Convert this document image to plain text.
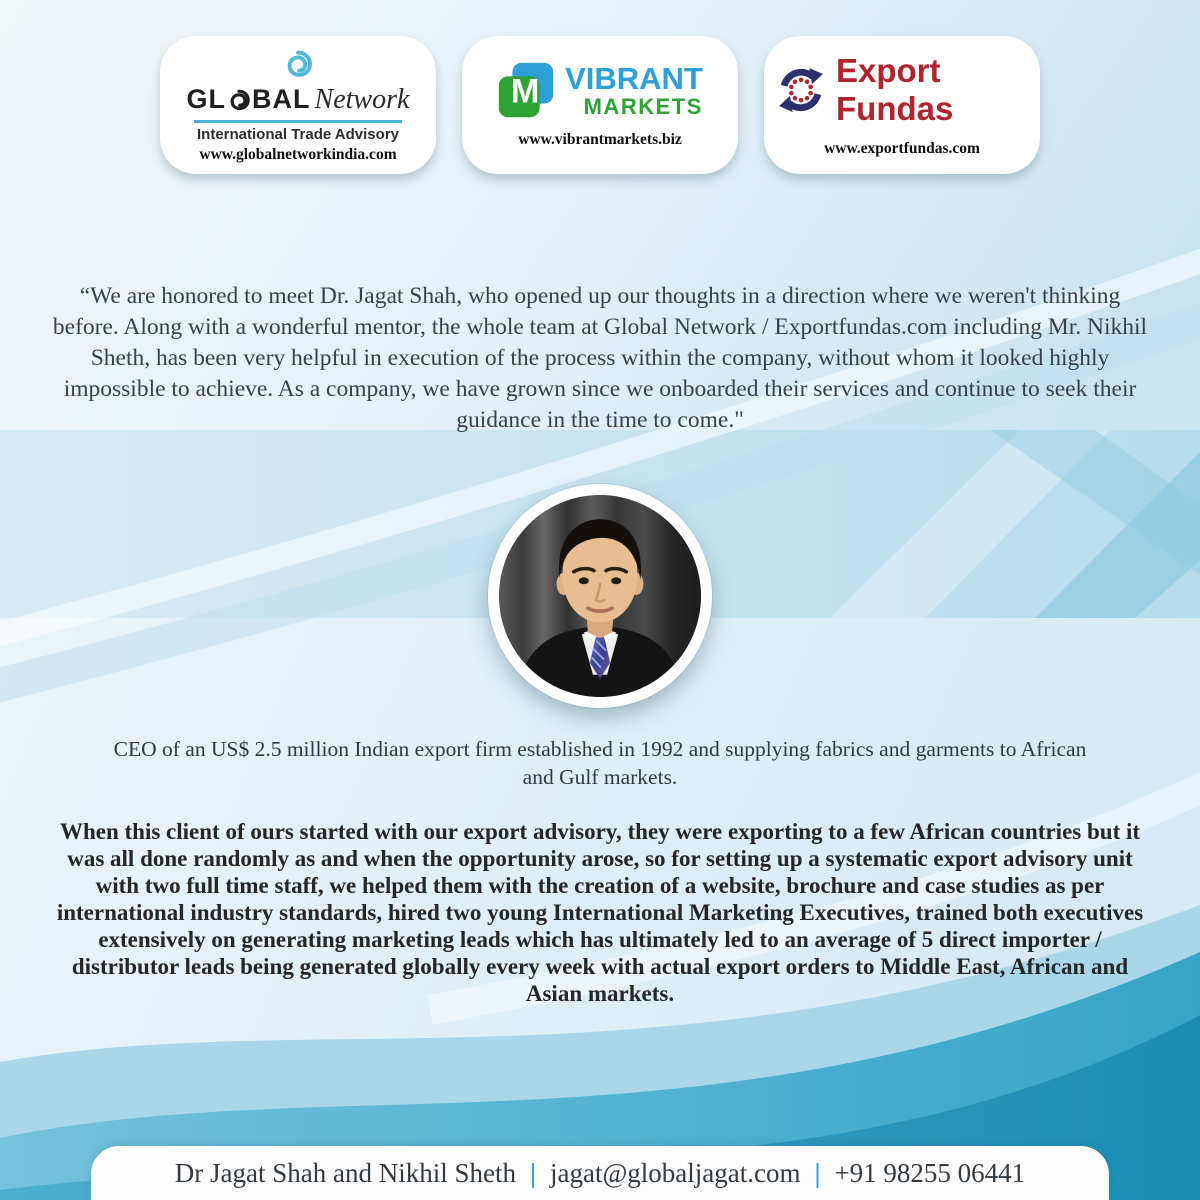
GL BAL Network
International Trade Advisory
www.globalnetworkindia.com
M VIBRANT
MARKETS
www.vibrantmarkets.biz
Export Fundas
www.exportfundas.com
“We are honored to meet Dr. Jagat Shah, who opened up our thoughts in a direction where we weren't thinking before. Along with a wonderful mentor, the whole team at Global Network / Exportfundas.com including Mr. Nikhil Sheth, has been very helpful in execution of the process within the company, without whom it looked highly impossible to achieve. As a company, we have grown since we onboarded their services and continue to seek their guidance in the time to come."
CEO of an US$ 2.5 million Indian export firm established in 1992 and supplying fabrics and garments to African and Gulf markets.
When this client of ours started with our export advisory, they were exporting to a few African countries but it was all done randomly as and when the opportunity arose, so for setting up a systematic export advisory unit with two full time staff, we helped them with the creation of a website, brochure and case studies as per international industry standards, hired two young International Marketing Executives, trained both executives extensively on generating marketing leads which has ultimately led to an average of 5 direct importer / distributor leads being generated globally every week with actual export orders to Middle East, African and Asian markets.
Dr Jagat Shah and Nikhil Sheth | jagat@globaljagat.com | +91 98255 06441
